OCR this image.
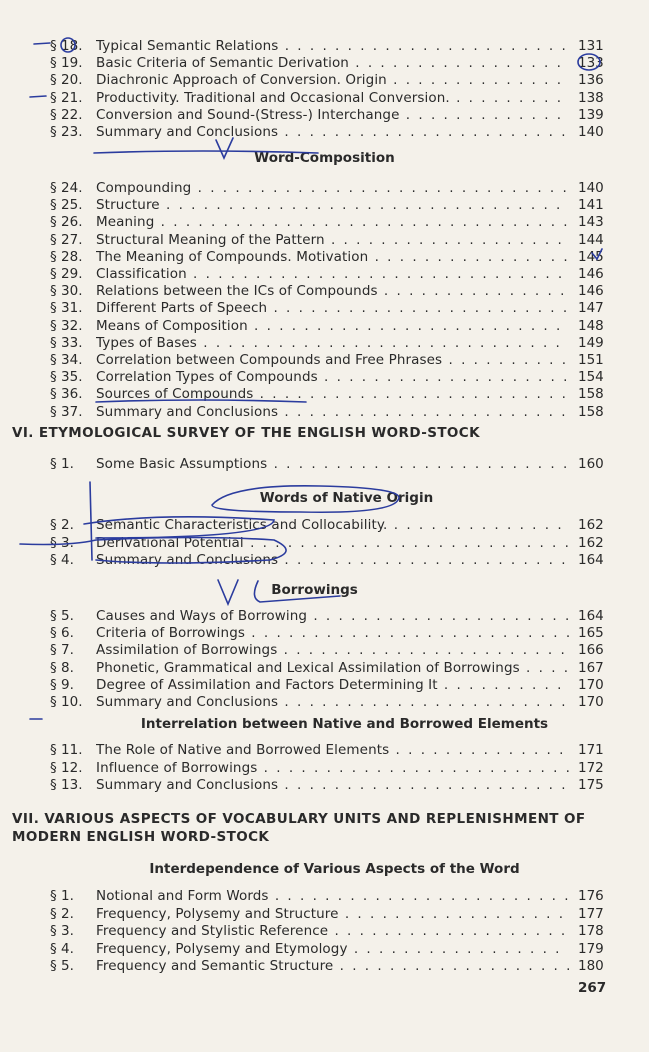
§ 18. Typical Semantic Relations . . .	131
§ 19. Basic Criteria of Semantic Derivation . . .	133
§ 20. Diachronic Approach of Conversion. Origin . . .	136
§ 21. Productivity. Traditional and Occasional Conversion. . . .	138
§ 22. Conversion and Sound-(Stress-) Interchange . . .	139
§ 23. Summary and Conclusions . . .	140
Word-Composition
§ 24. Compounding . . .	140
§ 25. Structure . . .	141
§ 26. Meaning . . .	143
§ 27. Structural Meaning of the Pattern . . .	144
§ 28. The Meaning of Compounds. Motivation . . .	145
§ 29. Classification . . .	146
§ 30. Relations between the ICs of Compounds . . .	146
§ 31. Different Parts of Speech . . .	147
§ 32. Means of Composition . . .	148
§ 33. Types of Bases . . .	149
§ 34. Correlation between Compounds and Free Phrases . . .	151
§ 35. Correlation Types of Compounds . . .	154
§ 36. Sources of Compounds . . .	158
§ 37. Summary and Conclusions . . .	158
VI. ETYMOLOGICAL SURVEY OF THE ENGLISH WORD-STOCK
§ 1.	Some Basic Assumptions . . .	160
Words of Native Origin
§ 2.	Semantic Characteristics and Collocability. . . .	162
§ 3.	Derivational Potential . . .	162
§ 4.	Summary and Conclusions . . .	164
Borrowings
§ 5.	Causes and Ways of Borrowing . . .	164
§ 6.	Criteria of Borrowings . . .	165
§ 7.	Assimilation of Borrowings . . .	166
§ 8.	Phonetic, Grammatical and Lexical Assimilation of Borrowings . . .	167
§ 9.	Degree of Assimilation and Factors Determining It . . .	170
§ 10. Summary and Conclusions . . .	170
Interrelation between Native and Borrowed Elements
§ 11. The Role of Native and Borrowed Elements . . .	171
§ 12. Influence of Borrowings . . .	172
§ 13. Summary and Conclusions . . .	175
VII. VARIOUS ASPECTS OF VOCABULARY UNITS AND REPLENISHMENT OF
MODERN ENGLISH WORD-STOCK
Interdependence of Various Aspects of the Word
§ 1.	Notional and Form Words . . .	176
§ 2.	Frequency, Polysemy and Structure . . .	177
§ 3.	Frequency and Stylistic Reference . . .	178
§ 4.	Frequency, Polysemy and Etymology . . .	179
§ 5.	Frequency and Semantic Structure . . .	180
267
